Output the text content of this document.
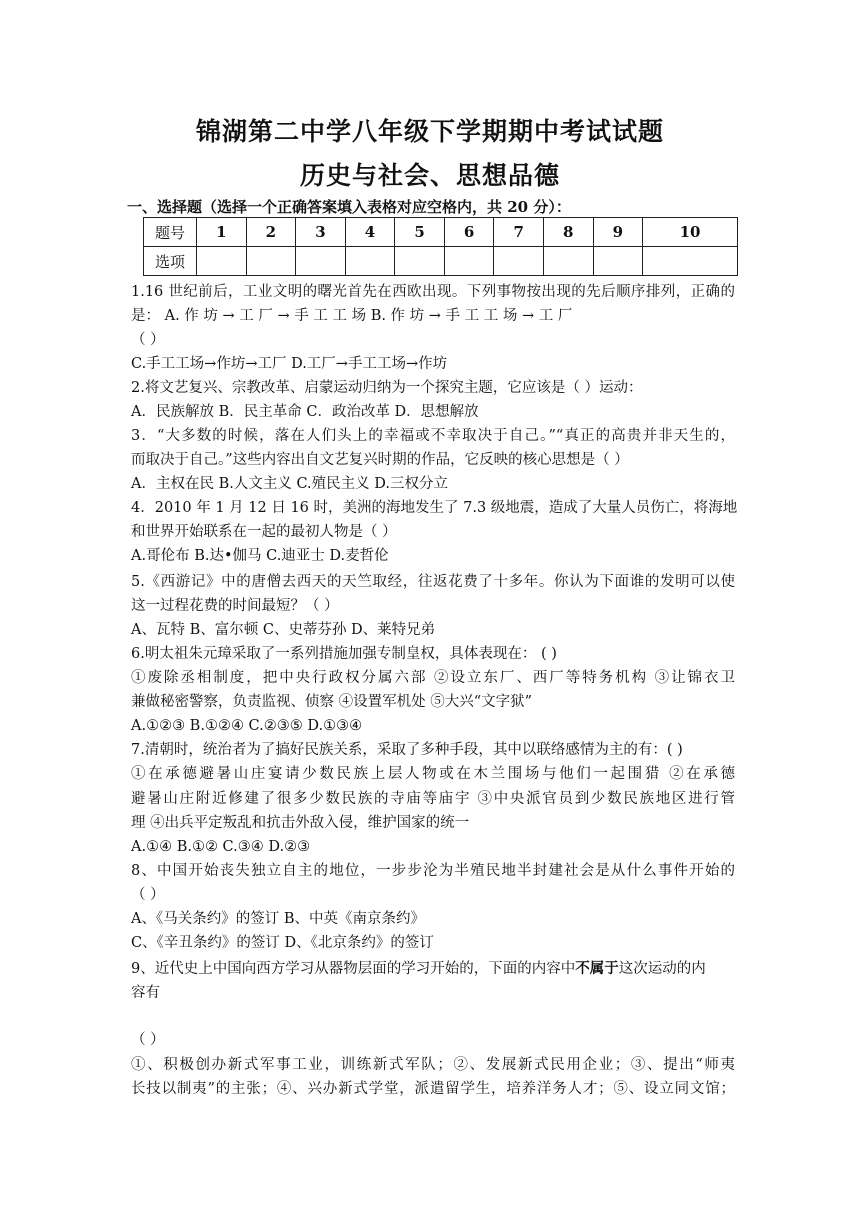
锦湖第二中学八年级下学期期中考试试题
历史与社会、思想品德
一、选择题（选择一个正确答案填入表格对应空格内，共 20 分）：
题号	1	2	3	4	5	6	7	8	9	10
选项										
1.16 世纪前后，工业文明的曙光首先在西欧出现。下列事物按出现的先后顺序排列，正确的
是： A. 作 坊 → 工 厂 → 手 工 工 场 B. 作 坊 → 手 工 工 场 → 工 厂
（ ）
C.手工工场→作坊→工厂 D.工厂→手工工场→作坊
2.将文艺复兴、宗教改革、启蒙运动归纳为一个探究主题，它应该是（ ）运动：
A．民族解放 B．民主革命 C．政治改革 D．思想解放
3．“大多数的时候，落在人们头上的幸福或不幸取决于自己。”“真正的高贵并非天生的，
而取决于自己。”这些内容出自文艺复兴时期的作品，它反映的核心思想是（ ）
A．主权在民 B.人文主义 C.殖民主义 D.三权分立
4．2010 年 1 月 12 日 16 时，美洲的海地发生了 7.3 级地震，造成了大量人员伤亡，将海地
和世界开始联系在一起的最初人物是（ ）
A.哥伦布 B.达•伽马 C.迪亚士 D.麦哲伦
5.《西游记》中的唐僧去西天的天竺取经，往返花费了十多年。你认为下面谁的发明可以使
这一过程花费的时间最短？（ ）
A、瓦特 B、富尔顿 C、史蒂芬孙 D、莱特兄弟
6.明太祖朱元璋采取了一系列措施加强专制皇权，具体表现在： ( )
①废除丞相制度，把中央行政权分属六部 ②设立东厂、西厂等特务机构 ③让锦衣卫
兼做秘密警察，负责监视、侦察 ④设置军机处 ⑤大兴“文字狱”
A.①②③ B.①②④ C.②③⑤ D.①③④
7.清朝时，统治者为了搞好民族关系，采取了多种手段，其中以联络感情为主的有：( )
①在承德避暑山庄宴请少数民族上层人物或在木兰围场与他们一起围猎 ②在承德
避暑山庄附近修建了很多少数民族的寺庙等庙宇 ③中央派官员到少数民族地区进行管
理 ④出兵平定叛乱和抗击外敌入侵，维护国家的统一
A.①④ B.①② C.③④ D.②③
8、中国开始丧失独立自主的地位，一步步沦为半殖民地半封建社会是从什么事件开始的
（ ）
A、《马关条约》的签订 B、中英《南京条约》
C、《辛丑条约》的签订 D、《北京条约》的签订
9、近代史上中国向西方学习从器物层面的学习开始的，下面的内容中不属于这次运动的内
容有
（ ）
①、积极创办新式军事工业，训练新式军队；②、发展新式民用企业；③、提出“师夷
长技以制夷”的主张；④、兴办新式学堂，派遣留学生，培养洋务人才；⑤、设立同文馆；
